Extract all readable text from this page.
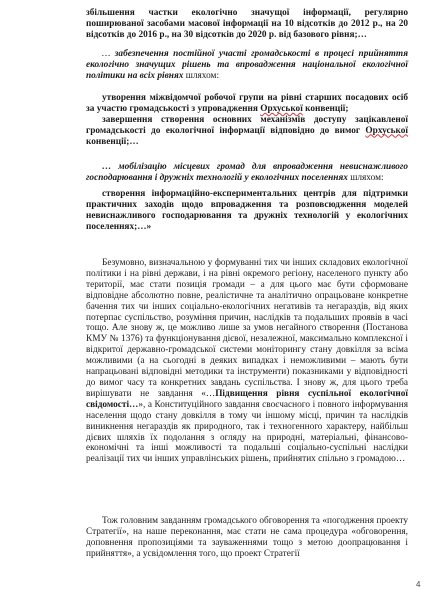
збільшення частки екологічно значущої інформації, регулярно поширюваної засобами масової інформації на 10 відсотків до 2012 р., на 20 відсотків до 2016 р., на 30 відсотків до 2020 р. від базового рівня;…

… забезпечення постійної участі громадськості в процесі прийняття екологічно значущих рішень та впровадження національної екологічної політики на всіх рівнях шляхом:

утворення міжвідомчої робочої групи на рівні старших посадових осіб за участю громадськості з упровадження Орхуської конвенції;

завершення створення основних механізмів доступу зацікавленої громадськості до екологічної інформації відповідно до вимог Орхуської конвенції;…

… мобілізацію місцевих громад для впровадження невиснажливого господарювання і дружніх технологій у екологічних поселеннях шляхом:

створення інформаційно-експериментальних центрів для підтримки практичних заходів щодо впровадження та розповсюдження моделей невиснажливого господарювання та дружніх технологій у екологічних поселеннях;…»

Безумовно, визначальною у формуванні тих чи інших складових екологічної політики і на рівні держави, і на рівні окремого регіону, населеного пункту або території, має стати позиція громади – а для цього має бути сформоване відповідне абсолютно повне, реалістичне та аналітично опрацьоване конкретне бачення тих чи інших соціально-екологічних негативів та негараздів, від яких потерпає суспільство, розуміння причин, наслідків та подальших проявів в часі тощо. Але знову ж, це можливо лише за умов негайного створення (Постанова КМУ № 1376) та функціонування дієвої, незалежної, максимально комплексної і відкритої державно-громадської системи моніторингу стану довкілля за всіма можливими (а на сьогодні в деяких випадках і неможливими – мають бути напрацьовані відповідні методики та інструменти) показниками у відповідності до вимог часу та конкретних завдань суспільства. І знову ж, для цього треба вирішувати не завдання «…Підвищення рівня суспільної екологічної свідомості…», а Конституційного завдання своєчасного і повного інформування населення щодо стану довкілля в тому чи іншому місці, причин та наслідків виникнення негараздів як природного, так і техногенного характеру, найбільш дієвих шляхів їх подолання з огляду на природні, матеріальні, фінансово-економічні та інші можливості та подальші соціально-суспільні наслідки реалізації тих чи інших управлінських рішень, прийнятих спільно з громадою…

Тож головним завданням громадського обговорення та «погодження проекту Стратегії», на наше переконання, має стати не сама процедура «обговорення, доповнення пропозиціями та зауваженнями тощо з метою доопрацювання і прийняття», а усвідомлення того, що проект Стратегії

4
